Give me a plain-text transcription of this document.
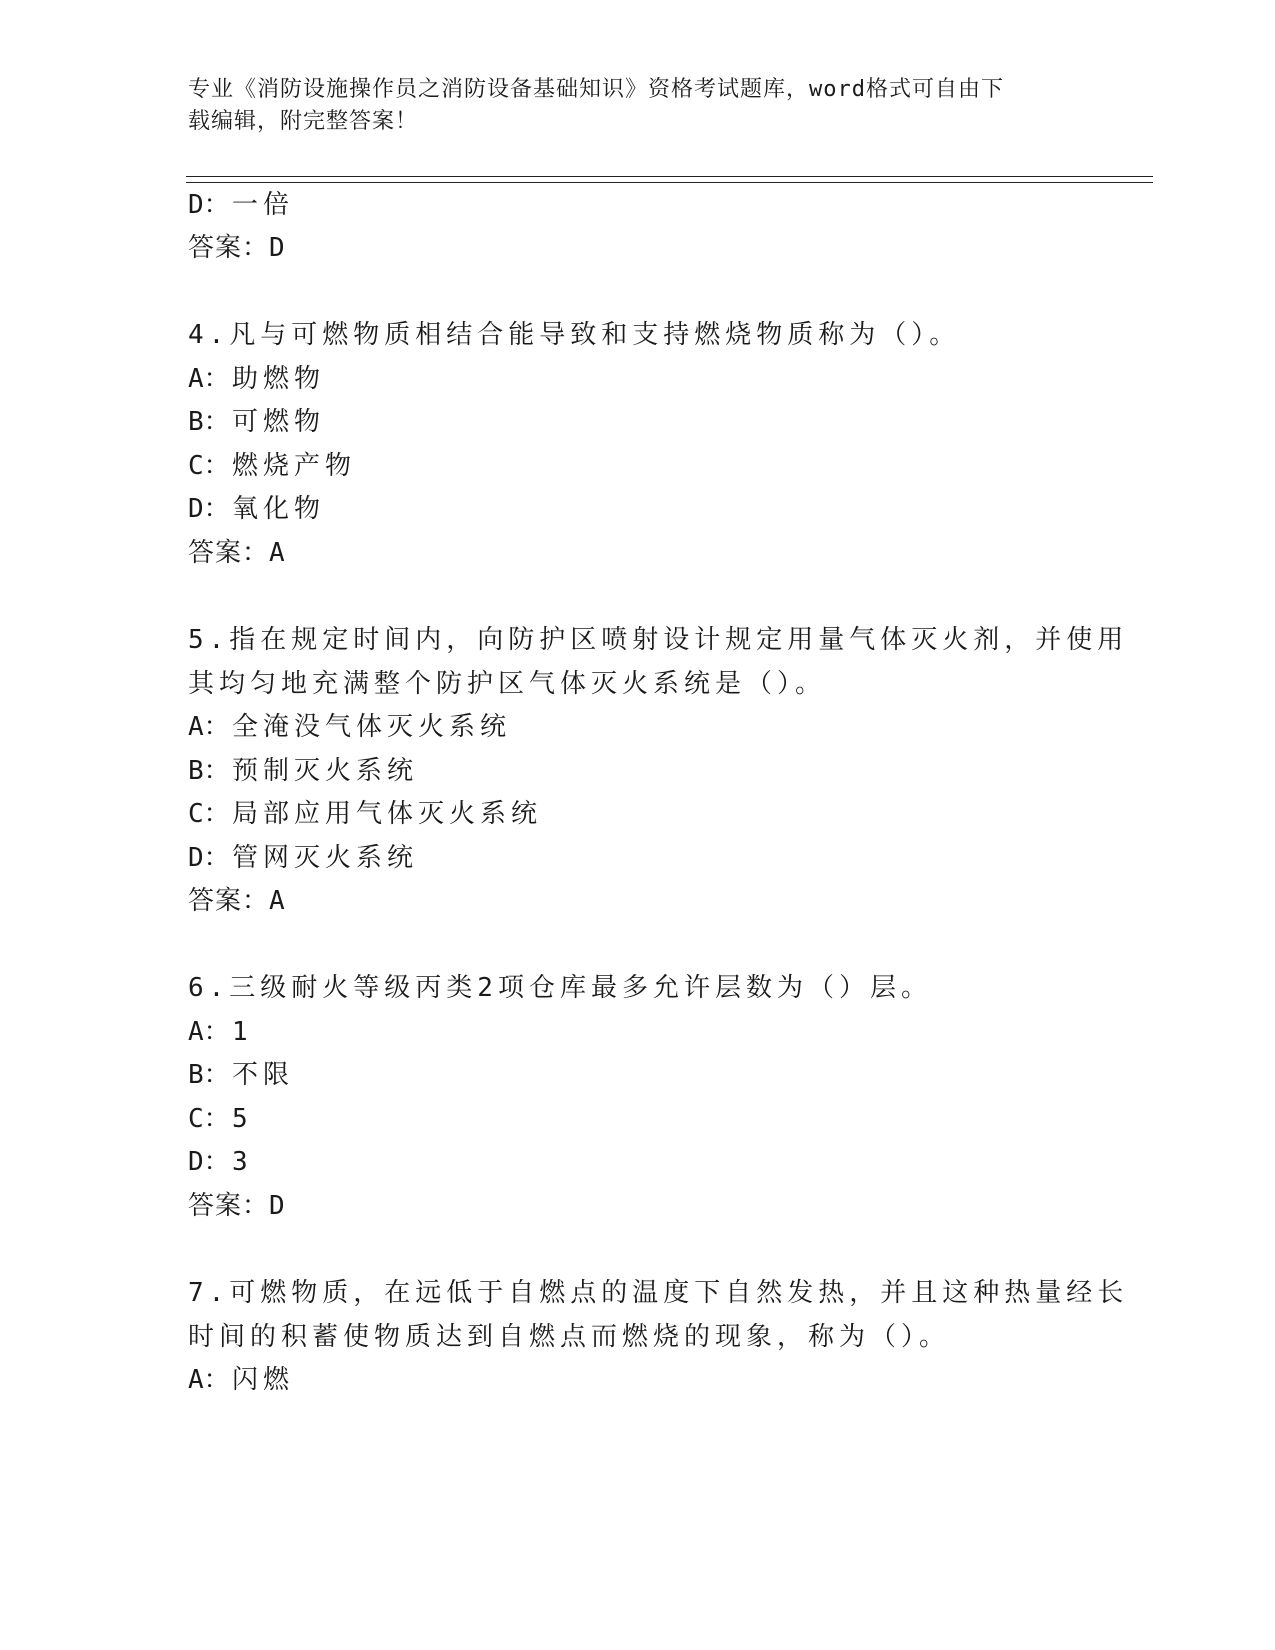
专业《消防设施操作员之消防设备基础知识》资格考试题库，word格式可自由下
载编辑，附完整答案！
D：一倍
答案：D
4.凡与可燃物质相结合能导致和支持燃烧物质称为（）。
A：助燃物
B：可燃物
C：燃烧产物
D：氧化物
答案：A
5.指在规定时间内，向防护区喷射设计规定用量气体灭火剂，并使用
其均匀地充满整个防护区气体灭火系统是（）。
A：全淹没气体灭火系统
B：预制灭火系统
C：局部应用气体灭火系统
D：管网灭火系统
答案：A
6.三级耐火等级丙类2项仓库最多允许层数为（）层。
A：1
B：不限
C：5
D：3
答案：D
7.可燃物质，在远低于自燃点的温度下自然发热，并且这种热量经长
时间的积蓄使物质达到自燃点而燃烧的现象，称为（）。
A：闪燃
